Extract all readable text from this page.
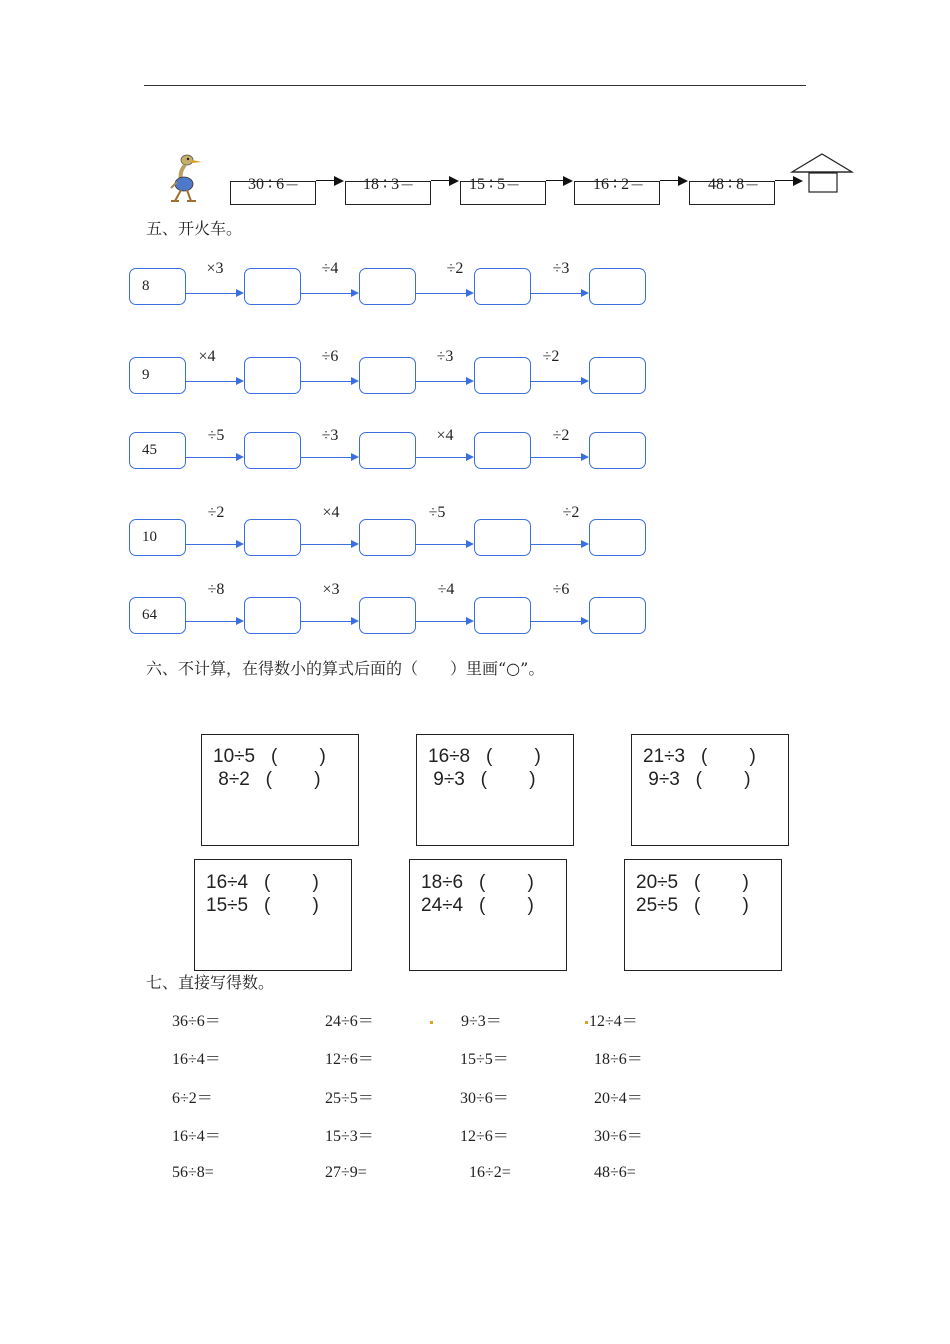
30 ∶ 6＝	18 ∶ 3＝	15 ∶ 5＝	16 ∶ 2＝	48 ∶ 8＝
五、开火车。
8
×3	÷4	÷2	÷3
9
×4	÷6	÷3	÷2
45
÷5	÷3	×4	÷2
10
÷2	×4	÷5	÷2
64
÷8	×3	÷4	÷6
六、不计算，在得数小的算式后面的（　　）里画“○”。
10÷5   (        )
8÷2   (        )
16÷8   (        )
9÷3   (        )
21÷3   (        )
9÷3   (        )
16÷4   (        )
15÷5   (        )
18÷6   (        )
24÷4   (        )
20÷5   (        )
25÷5   (        )
七、直接写得数。
36÷6＝	24÷6＝	9÷3＝	12÷4＝
16÷4＝	12÷6＝	15÷5＝	18÷6＝
6÷2＝	25÷5＝	30÷6＝	20÷4＝
16÷4＝	15÷3＝	12÷6＝	30÷6＝
56÷8=	27÷9=	16÷2=	48÷6=
